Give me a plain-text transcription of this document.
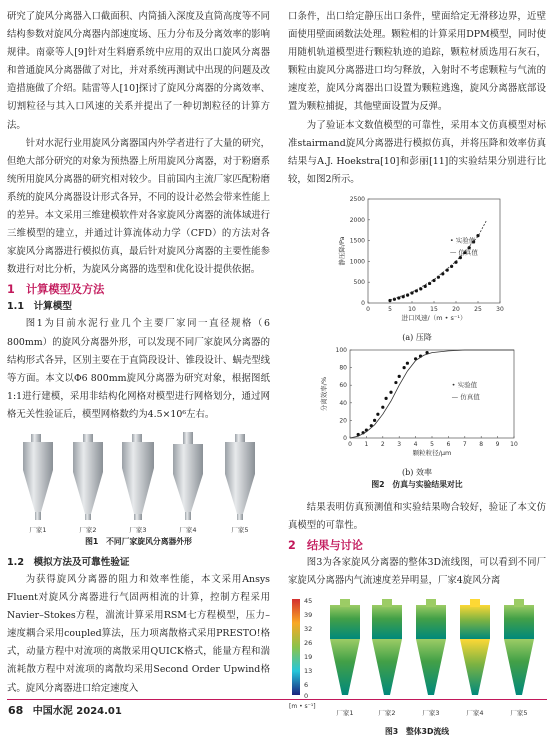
研究了旋风分离器入口截面积、内筒插入深度及直筒高度等不同结构参数对旋风分离器内部速度场、压力分布及分离效率的影响规律。南豪等人[9]针对生料磨系统中应用的双出口旋风分离器和普通旋风分离器做了对比，并对系统再测试中出现的问题及改造措施做了介绍。陆雷等人[10]探讨了旋风分离器的分离效率、切割粒径与其入口风速的关系并提出了一种切割粒径的计算方法。

针对水泥行业用旋风分离器国内外学者进行了大量的研究，但绝大部分研究的对象为预热器上所用旋风分离器，对于粉磨系统所用旋风分离器的研究相对较少。目前国内主流厂家匹配粉磨系统的旋风分离器设计形式各异，不同的设计必然会带来性能上的差异。本文采用三维建模软件对各家旋风分离器的流体域进行三维模型的建立，并通过计算流体动力学（CFD）的方法对各家旋风分离器进行模拟仿真，最后针对旋风分离器的主要性能参数进行对比分析，为旋风分离器的选型和优化设计提供依据。

1　计算模型及方法

1.1　计算模型

图1为目前水泥行业几个主要厂家同一直径规格（6 800mm）的旋风分离器外形，可以发现不同厂家旋风分离器的结构形式各异，区别主要在于直筒段设计、锥段设计、蜗壳型线等方面。本文以Φ6 800mm旋风分离器为研究对象，根据图纸1:1进行建模，采用非结构化网格对模型进行网格划分，通过网格无关性验证后，模型网格数约为4.5×10⁶左右。

厂家1	厂家2	厂家3	厂家4	厂家5

图1　不同厂家旋风分离器外形

1.2　模拟方法及可靠性验证

为获得旋风分离器的阻力和效率性能，本文采用Ansys Fluent对旋风分离器进行气固两相流的计算，控制方程采用Navier–Stokes方程，湍流计算采用RSM七方程模型，压力–速度耦合采用coupled算法，压力项离散格式采用PRESTO!格式，动量方程中对流项的离散采用QUICK格式，能量方程和湍流耗散方程中对流项的离散均采用Second Order Upwind格式。旋风分离器进口给定速度入

口条件，出口给定静压出口条件，壁面给定无滑移边界，近壁面使用壁面函数法处理。颗粒相的计算采用DPM模型，同时使用随机轨道模型进行颗粒轨迹的追踪，颗粒材质选用石灰石，颗粒由旋风分离器进口均匀释放，入射时不考虑颗粒与气流的速度差，旋风分离器出口设置为颗粒逃逸，旋风分离器底部设置为颗粒捕捉，其他壁面设置为反弹。

为了验证本文数值模型的可靠性，采用本文仿真模型对标准stairmand旋风分离器进行模拟仿真，并将压降和效率仿真结果与A.J. Hoekstra[10]和彭丽[11]的实验结果分别进行比较，如图2所示。

0	5	10 15 20 25 30
0
500
1000
1500
2000
2500
进口风速/（m • s⁻¹）
静压降/Pa	• 实验值
— 仿真值

(a) 压降

0 1 2 3 4 5 6 7 8 9 10
0
20
40
60
80
100
颗粒粒径/μm
分离效率/%	• 实验值
— 仿真值

(b) 效率

图2　仿真与实验结果对比

结果表明仿真预测值和实验结果吻合较好，验证了本文仿真模型的可靠性。

2　结果与讨论

图3为各家旋风分离器的整体3D流线图，可以看到不同厂家旋风分离器内气流速度差异明显，厂家4旋风分离

45
39
32
26
19
13
6
0
[m • s⁻¹]
厂家1	厂家2	厂家3	厂家4	厂家5

图3　整体3D流线

68 中国水泥 2024.01
